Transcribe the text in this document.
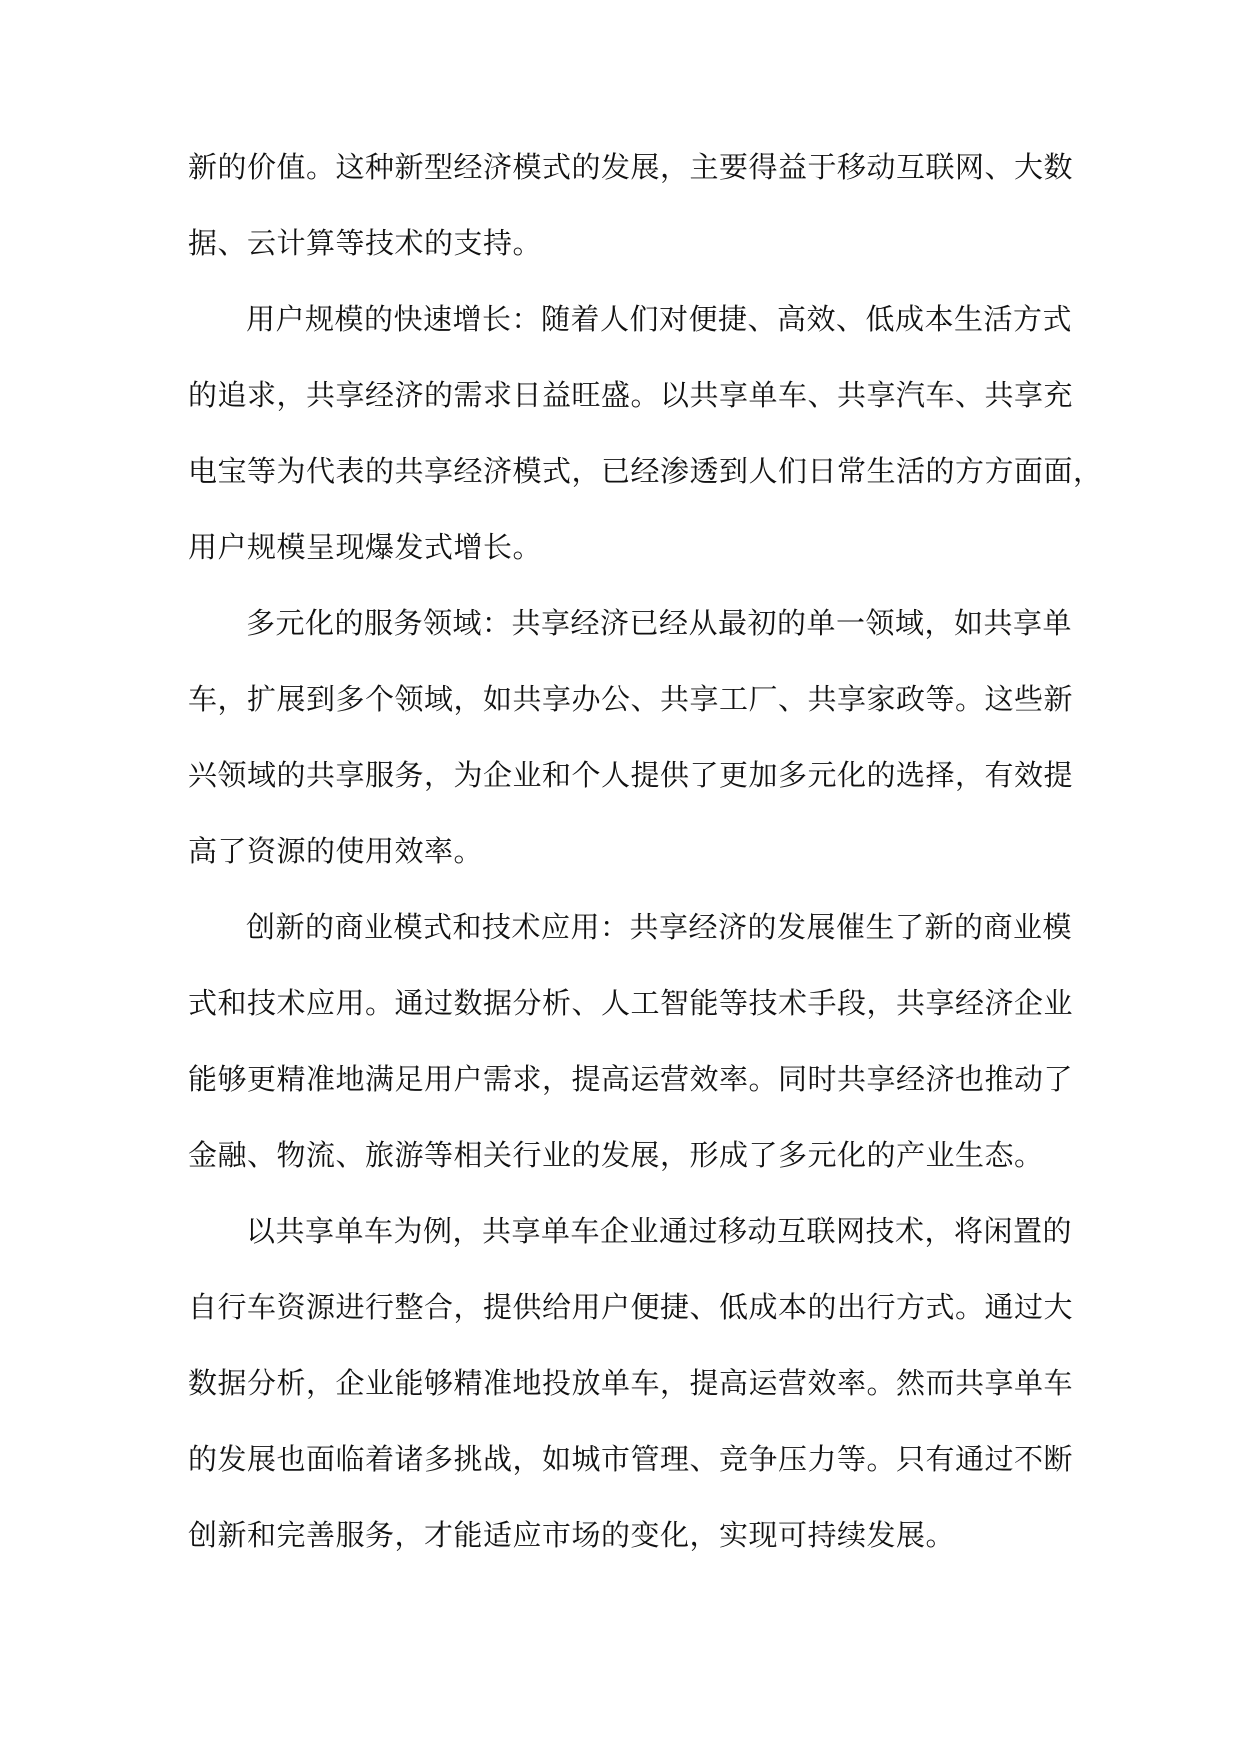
新的价值。这种新型经济模式的发展，主要得益于移动互联网、大数
据、云计算等技术的支持。
用户规模的快速增长：随着人们对便捷、高效、低成本生活方式
的追求，共享经济的需求日益旺盛。以共享单车、共享汽车、共享充
电宝等为代表的共享经济模式，已经渗透到人们日常生活的方方面面，
用户规模呈现爆发式增长。
多元化的服务领域：共享经济已经从最初的单一领域，如共享单
车，扩展到多个领域，如共享办公、共享工厂、共享家政等。这些新
兴领域的共享服务，为企业和个人提供了更加多元化的选择，有效提
高了资源的使用效率。
创新的商业模式和技术应用：共享经济的发展催生了新的商业模
式和技术应用。通过数据分析、人工智能等技术手段，共享经济企业
能够更精准地满足用户需求，提高运营效率。同时共享经济也推动了
金融、物流、旅游等相关行业的发展，形成了多元化的产业生态。
以共享单车为例，共享单车企业通过移动互联网技术，将闲置的
自行车资源进行整合，提供给用户便捷、低成本的出行方式。通过大
数据分析，企业能够精准地投放单车，提高运营效率。然而共享单车
的发展也面临着诸多挑战，如城市管理、竞争压力等。只有通过不断
创新和完善服务，才能适应市场的变化，实现可持续发展。
